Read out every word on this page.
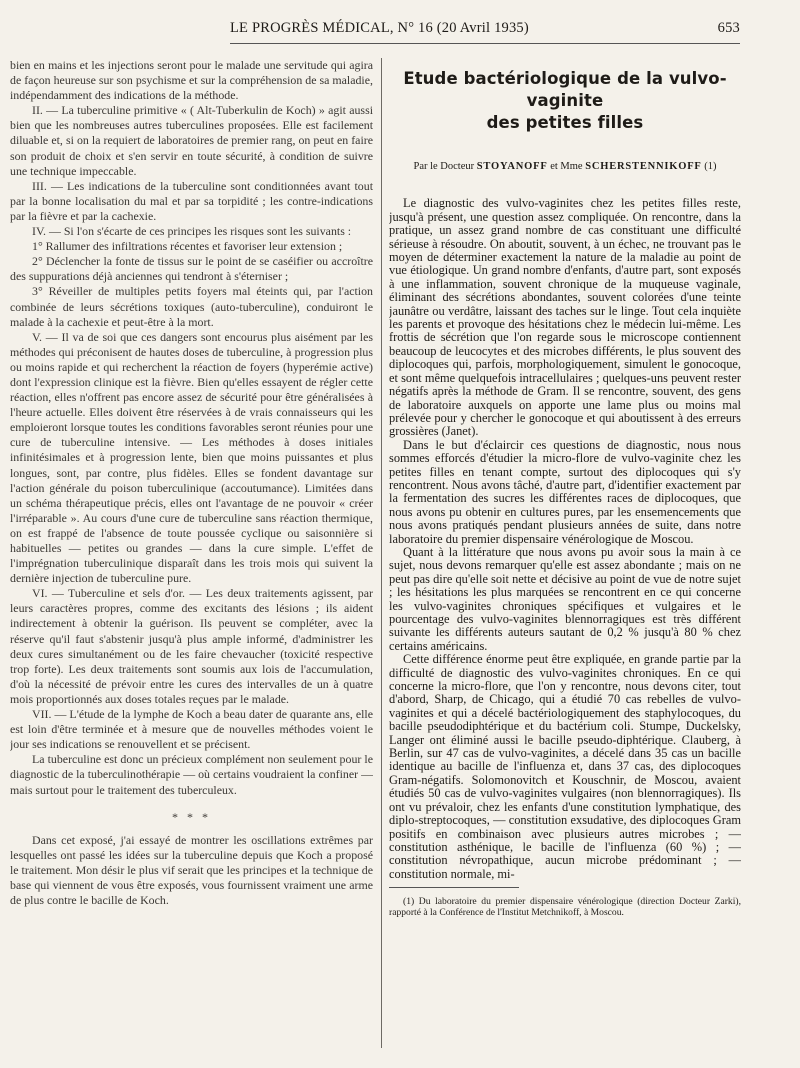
LE PROGRÈS MÉDICAL, N° 16 (20 Avril 1935)	653

bien en mains et les injections seront pour le malade une servitude qui agira de façon heureuse sur son psychisme et sur la compréhension de sa maladie, indépendamment des indications de la méthode.

II. — La tuberculine primitive « ( Alt-Tuberkulin de Koch) » agit aussi bien que les nombreuses autres tuberculines proposées. Elle est facilement diluable et, si on la requiert de laboratoires de premier rang, on peut en faire son produit de choix et s'en servir en toute sécurité, à condition de suivre une technique impeccable.

III. — Les indications de la tuberculine sont conditionnées avant tout par la bonne localisation du mal et par sa torpidité ; les contre-indications par la fièvre et par la cachexie.

IV. — Si l'on s'écarte de ces principes les risques sont les suivants :

1° Rallumer des infiltrations récentes et favoriser leur extension ;

2° Déclencher la fonte de tissus sur le point de se caséifier ou accroître des suppurations déjà anciennes qui tendront à s'éterniser ;

3° Réveiller de multiples petits foyers mal éteints qui, par l'action combinée de leurs sécrétions toxiques (auto-tuberculine), conduiront le malade à la cachexie et peut-être à la mort.

V. — Il va de soi que ces dangers sont encourus plus aisément par les méthodes qui préconisent de hautes doses de tuberculine, à progression plus ou moins rapide et qui recherchent la réaction de foyers (hyperémie active) dont l'expression clinique est la fièvre. Bien qu'elles essayent de régler cette réaction, elles n'offrent pas encore assez de sécurité pour être généralisées à l'heure actuelle. Elles doivent être réservées à de vrais connaisseurs qui les emploieront lorsque toutes les conditions favorables seront réunies pour une cure de tuberculine intensive. — Les méthodes à doses initiales infinitésimales et à progression lente, bien que moins puissantes et plus longues, sont, par contre, plus fidèles. Elles se fondent davantage sur l'action générale du poison tuberculinique (accoutumance). Limitées dans un schéma thérapeutique précis, elles ont l'avantage de ne pouvoir « créer l'irréparable ». Au cours d'une cure de tuberculine sans réaction thermique, on est frappé de l'absence de toute poussée cyclique ou saisonnière si habituelles — petites ou grandes — dans la cure simple. L'effet de l'imprégnation tuberculinique disparaît dans les trois mois qui suivent la dernière injection de tuberculine pure.

VI. — Tuberculine et sels d'or. — Les deux traitements agissent, par leurs caractères propres, comme des excitants des lésions ; ils aident indirectement à obtenir la guérison. Ils peuvent se compléter, avec la réserve qu'il faut s'abstenir jusqu'à plus ample informé, d'administrer les deux cures simultanément ou de les faire chevaucher (toxicité respective trop forte). Les deux traitements sont soumis aux lois de l'accumulation, d'où la nécessité de prévoir entre les cures des intervalles de un à quatre mois proportionnés aux doses totales reçues par le malade.

VII. — L'étude de la lymphe de Koch a beau dater de quarante ans, elle est loin d'être terminée et à mesure que de nouvelles méthodes voient le jour ses indications se renouvellent et se précisent.

La tuberculine est donc un précieux complément non seulement pour le diagnostic de la tuberculinothérapie — où certains voudraient la confiner — mais surtout pour le traitement des tuberculeux.

* * *

Dans cet exposé, j'ai essayé de montrer les oscillations extrêmes par lesquelles ont passé les idées sur la tuberculine depuis que Koch a proposé le traitement. Mon désir le plus vif serait que les principes et la technique de base qui viennent de vous être exposés, vous fournissent vraiment une arme de plus contre le bacille de Koch.

Etude bactériologique de la vulvo-vaginite
des petites filles
Par le Docteur STOYANOFF et Mme SCHERSTENNIKOFF (1)

Le diagnostic des vulvo-vaginites chez les petites filles reste, jusqu'à présent, une question assez compliquée. On rencontre, dans la pratique, un assez grand nombre de cas constituant une difficulté sérieuse à résoudre. On aboutit, souvent, à un échec, ne trouvant pas le moyen de déterminer exactement la nature de la maladie au point de vue étiologique. Un grand nombre d'enfants, d'autre part, sont exposés à une inflammation, souvent chronique de la muqueuse vaginale, éliminant des sécrétions abondantes, souvent colorées d'une teinte jaunâtre ou verdâtre, laissant des taches sur le linge. Tout cela inquiète les parents et provoque des hésitations chez le médecin lui-même. Les frottis de sécrétion que l'on regarde sous le microscope contiennent beaucoup de leucocytes et des microbes différents, le plus souvent des diplocoques qui, parfois, morphologiquement, simulent le gonocoque, et sont même quelquefois intracellulaires ; quelques-uns peuvent rester négatifs après la méthode de Gram. Il se rencontre, souvent, des gens de laboratoire auxquels on apporte une lame plus ou moins mal prélevée pour y chercher le gonocoque et qui aboutissent à des erreurs grossières (Janet).

Dans le but d'éclaircir ces questions de diagnostic, nous nous sommes efforcés d'étudier la micro-flore de vulvo-vaginite chez les petites filles en tenant compte, surtout des diplocoques qui s'y rencontrent. Nous avons tâché, d'autre part, d'identifier exactement par la fermentation des sucres les différentes races de diplocoques, que nous avons pu obtenir en cultures pures, par les ensemencements que nous avons pratiqués pendant plusieurs années de suite, dans notre laboratoire du premier dispensaire vénérologique de Moscou.

Quant à la littérature que nous avons pu avoir sous la main à ce sujet, nous devons remarquer qu'elle est assez abondante ; mais on ne peut pas dire qu'elle soit nette et décisive au point de vue de notre sujet ; les hésitations les plus marquées se rencontrent en ce qui concerne les vulvo-vaginites chroniques spécifiques et vulgaires et le pourcentage des vulvo-vaginites blennorragiques est très différent suivante les différents auteurs sautant de 0,2 % jusqu'à 80 % chez certains américains.

Cette différence énorme peut être expliquée, en grande partie par la difficulté de diagnostic des vulvo-vaginites chroniques. En ce qui concerne la micro-flore, que l'on y rencontre, nous devons citer, tout d'abord, Sharp, de Chicago, qui a étudié 70 cas rebelles de vulvo-vaginites et qui a décelé bactériologiquement des staphylocoques, du bacille pseudodiphtérique et du bactérium coli. Stumpe, Duckelsky, Langer ont éliminé aussi le bacille pseudo-diphtérique. Clauberg, à Berlin, sur 47 cas de vulvo-vaginites, a décelé dans 35 cas un bacille identique au bacille de l'influenza et, dans 37 cas, des diplocoques Gram-négatifs. Solomonovitch et Kouschnir, de Moscou, avaient étudiés 50 cas de vulvo-vaginites vulgaires (non blennorragiques). Ils ont vu prévaloir, chez les enfants d'une constitution lymphatique, des diplo-streptocoques, — constitution exsudative, des diplocoques Gram positifs en combinaison avec plusieurs autres microbes ; — constitution asthénique, le bacille de l'influenza (60 %) ; — constitution névropathique, aucun microbe prédominant ; — constitution normale, mi-

(1) Du laboratoire du premier dispensaire vénérologique (direction Docteur Zarki), rapporté à la Conférence de l'Institut Metchnikoff, à Moscou.
